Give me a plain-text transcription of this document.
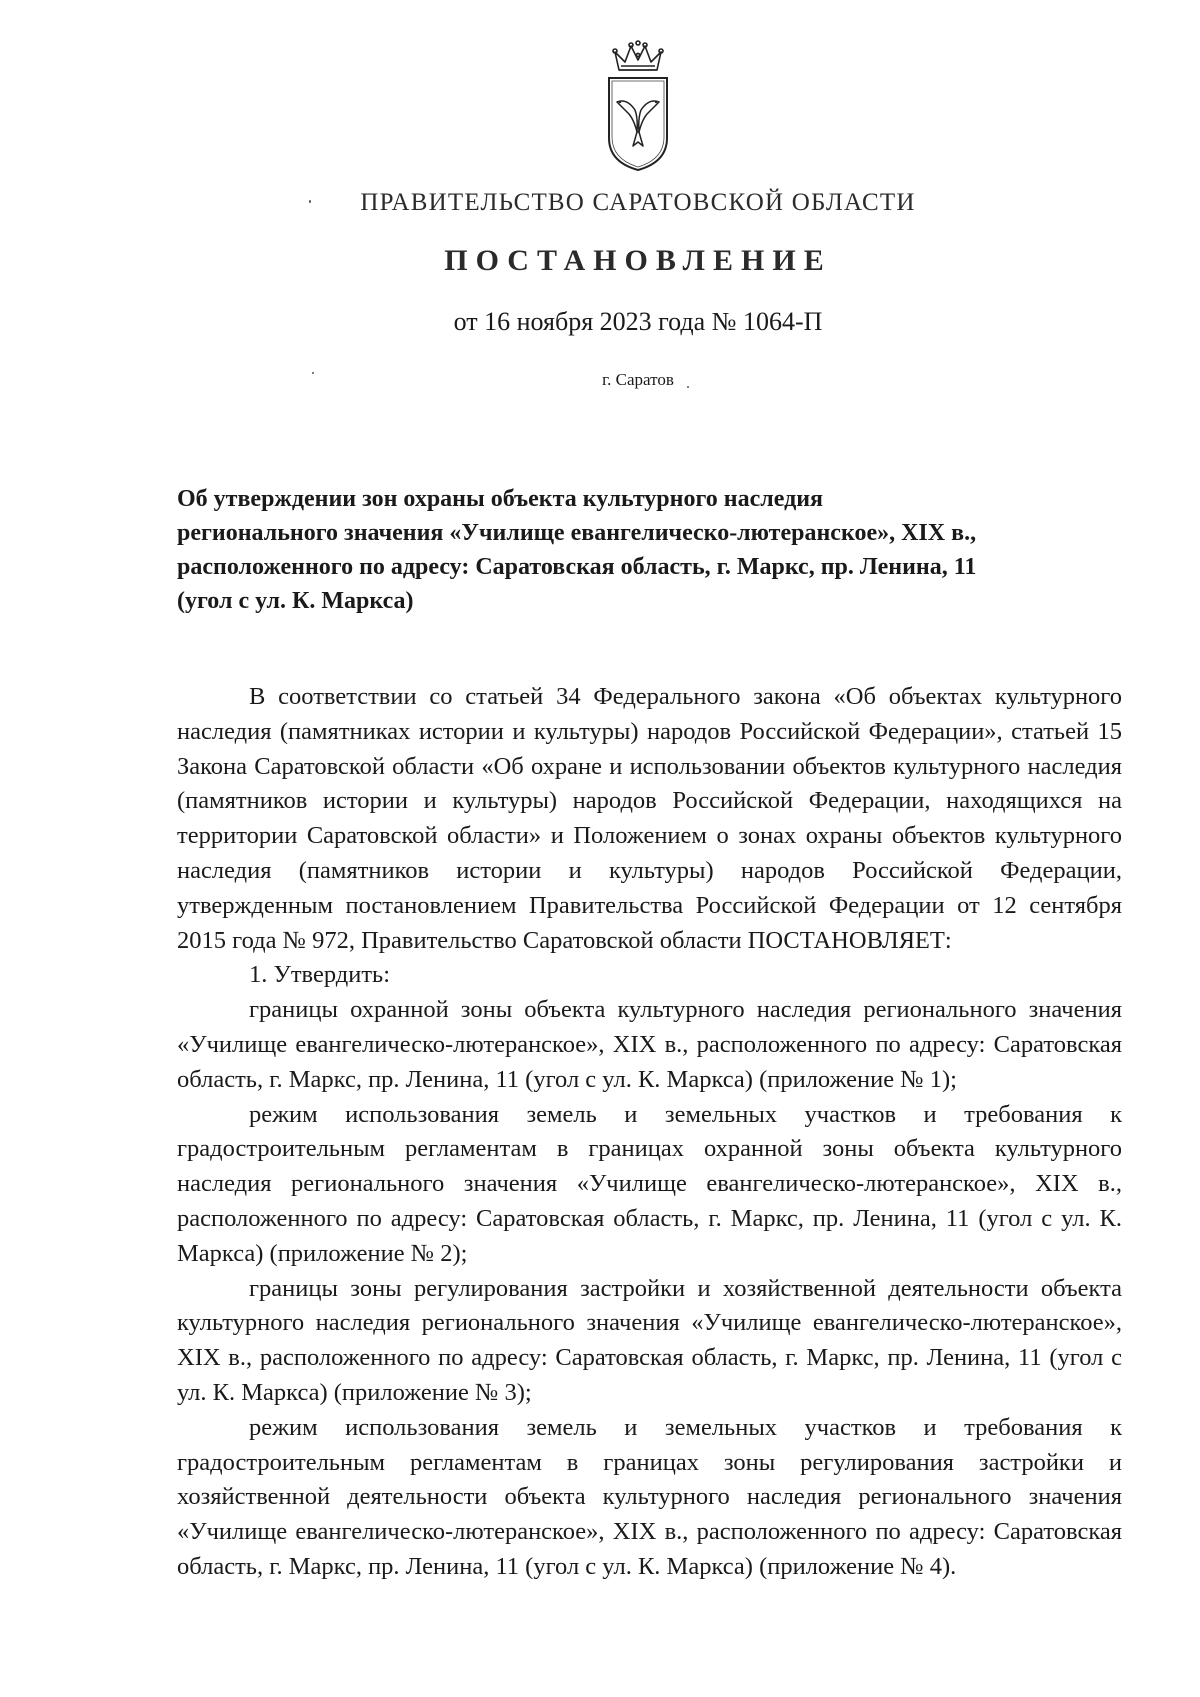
ПРАВИТЕЛЬСТВО САРАТОВСКОЙ ОБЛАСТИ
ПОСТАНОВЛЕНИЕ
от 16 ноября 2023 года № 1064-П
г. Саратов

Об утверждении зон охраны объекта культурного наследия регионального значения «Училище евангелическо-лютеранское», XIX в., расположенного по адресу: Саратовская область, г. Маркс, пр. Ленина, 11 (угол с ул. К. Маркса)

В соответствии со статьей 34 Федерального закона «Об объектах культурного наследия (памятниках истории и культуры) народов Российской Федерации», статьей 15 Закона Саратовской области «Об охране и использовании объектов культурного наследия (памятников истории и культуры) народов Российской Федерации, находящихся на территории Саратовской области» и Положением о зонах охраны объектов культурного наследия (памятников истории и культуры) народов Российской Федерации, утвержденным постановлением Правительства Российской Федерации от 12 сентября 2015 года № 972, Правительство Саратовской области ПОСТАНОВЛЯЕТ:

1. Утвердить:

границы охранной зоны объекта культурного наследия регионального значения «Училище евангелическо-лютеранское», XIX в., расположенного по адресу: Саратовская область, г. Маркс, пр. Ленина, 11 (угол с ул. К. Маркса) (приложение № 1);

режим использования земель и земельных участков и требования к градостроительным регламентам в границах охранной зоны объекта культурного наследия регионального значения «Училище евангелическо-лютеранское», XIX в., расположенного по адресу: Саратовская область, г. Маркс, пр. Ленина, 11 (угол с ул. К. Маркса) (приложение № 2);

границы зоны регулирования застройки и хозяйственной деятельности объекта культурного наследия регионального значения «Училище евангелическо-лютеранское», XIX в., расположенного по адресу: Саратовская область, г. Маркс, пр. Ленина, 11 (угол с ул. К. Маркса) (приложение № 3);

режим использования земель и земельных участков и требования к градостроительным регламентам в границах зоны регулирования застройки и хозяйственной деятельности объекта культурного наследия регионального значения «Училище евангелическо-лютеранское», XIX в., расположенного по адресу: Саратовская область, г. Маркс, пр. Ленина, 11 (угол с ул. К. Маркса) (приложение № 4).
